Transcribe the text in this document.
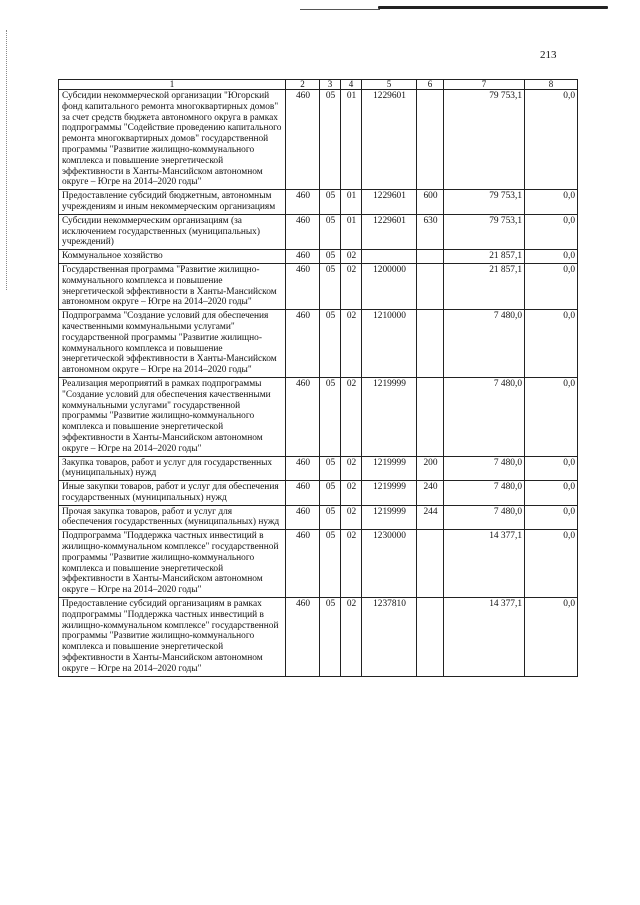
213
1	2	3	4	5	6	7	8
Субсидии некоммерческой организации "Югорский фонд капитального ремонта многоквартирных домов" за счет средств бюджета автономного округа в рамках подпрограммы "Содействие проведению капитального ремонта многоквартирных домов" государственной программы "Развитие жилищно-коммунального комплекса и повышение энергетической эффективности в Ханты-Мансийском автономном округе – Югре на 2014–2020 годы"	460	05	01	1229601		79 753,1	0,0
Предоставление субсидий бюджетным, автономным учреждениям и иным некоммерческим организациям	460	05	01	1229601	600	79 753,1	0,0
Субсидии некоммерческим организациям (за исключением государственных (муниципальных) учреждений)	460	05	01	1229601	630	79 753,1	0,0
Коммунальное хозяйство	460	05	02			21 857,1	0,0
Государственная программа "Развитие жилищно-коммунального комплекса и повышение энергетической эффективности в Ханты-Мансийском автономном округе – Югре на 2014–2020 годы"	460	05	02	1200000		21 857,1	0,0
Подпрограмма "Создание условий для обеспечения качественными коммунальными услугами" государственной программы "Развитие жилищно-коммунального комплекса и повышение энергетической эффективности в Ханты-Мансийском автономном округе – Югре на 2014–2020 годы"	460	05	02	1210000		7 480,0	0,0
Реализация мероприятий в рамках подпрограммы "Создание условий для обеспечения качественными коммунальными услугами" государственной программы "Развитие жилищно-коммунального комплекса и повышение энергетической эффективности в Ханты-Мансийском автономном округе – Югре на 2014–2020 годы"	460	05	02	1219999		7 480,0	0,0
Закупка товаров, работ и услуг для государственных (муниципальных) нужд	460	05	02	1219999	200	7 480,0	0,0
Иные закупки товаров, работ и услуг для обеспечения государственных (муниципальных) нужд	460	05	02	1219999	240	7 480,0	0,0
Прочая закупка товаров, работ и услуг для обеспечения государственных (муниципальных) нужд	460	05	02	1219999	244	7 480,0	0,0
Подпрограмма "Поддержка частных инвестиций в жилищно-коммунальном комплексе" государственной программы "Развитие жилищно-коммунального комплекса и повышение энергетической эффективности в Ханты-Мансийском автономном округе – Югре на 2014–2020 годы"	460	05	02	1230000		14 377,1	0,0
Предоставление субсидий организациям в рамках подпрограммы "Поддержка частных инвестиций в жилищно-коммунальном комплексе" государственной программы "Развитие жилищно-коммунального комплекса и повышение энергетической эффективности в Ханты-Мансийском автономном округе – Югре на 2014–2020 годы"	460	05	02	1237810		14 377,1	0,0
